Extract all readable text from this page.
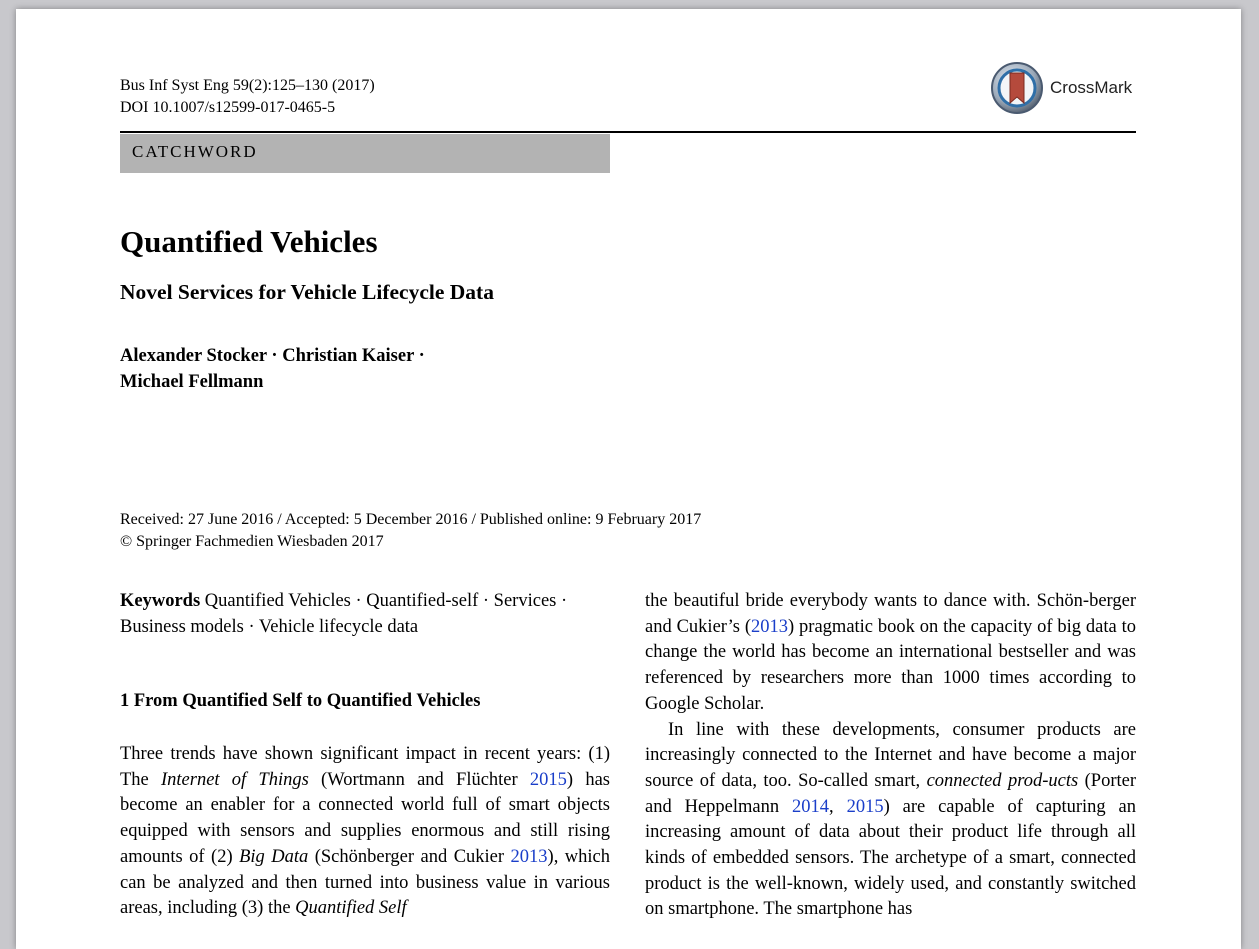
Bus Inf Syst Eng 59(2):125–130 (2017)
DOI 10.1007/s12599-017-0465-5
CrossMark
CATCHWORD
Quantified Vehicles
Novel Services for Vehicle Lifecycle Data
Alexander Stocker · Christian Kaiser ·
Michael Fellmann
Received: 27 June 2016 / Accepted: 5 December 2016 / Published online: 9 February 2017
© Springer Fachmedien Wiesbaden 2017

Keywords Quantified Vehicles · Quantified-self · Services · Business models · Vehicle lifecycle data

1 From Quantified Self to Quantified Vehicles

Three trends have shown significant impact in recent years: (1) The Internet of Things (Wortmann and Flüchter 2015) has become an enabler for a connected world full of smart objects equipped with sensors and supplies enormous and still rising amounts of (2) Big Data (Schönberger and Cukier 2013), which can be analyzed and then turned into business value in various areas, including (3) the Quantified Self

the beautiful bride everybody wants to dance with. Schön-berger and Cukier’s (2013) pragmatic book on the capacity of big data to change the world has become an international bestseller and was referenced by researchers more than 1000 times according to Google Scholar.

In line with these developments, consumer products are increasingly connected to the Internet and have become a major source of data, too. So-called smart, connected prod-ucts (Porter and Heppelmann 2014, 2015) are capable of capturing an increasing amount of data about their product life through all kinds of embedded sensors. The archetype of a smart, connected product is the well-known, widely used, and constantly switched on smartphone. The smartphone has
